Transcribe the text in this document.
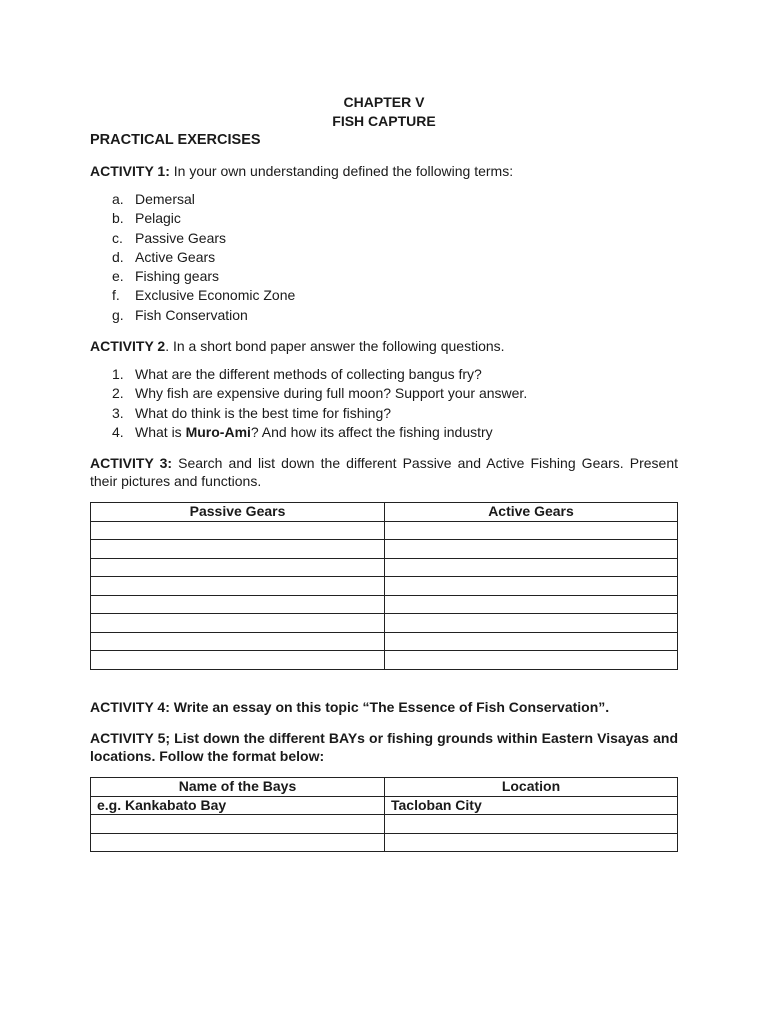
CHAPTER V
FISH CAPTURE
PRACTICAL EXERCISES
ACTIVITY 1: In your own understanding defined the following terms:
a. Demersal
b. Pelagic
c. Passive Gears
d. Active Gears
e. Fishing gears
f. Exclusive Economic Zone
g. Fish Conservation
ACTIVITY 2. In a short bond paper answer the following questions.
1. What are the different methods of collecting bangus fry?
2. Why fish are expensive during full moon? Support your answer.
3. What do think is the best time for fishing?
4. What is Muro-Ami? And how its affect the fishing industry
ACTIVITY 3: Search and list down the different Passive and Active Fishing Gears. Present their pictures and functions.
Passive Gears	Active Gears

ACTIVITY 4: Write an essay on this topic “The Essence of Fish Conservation”.
ACTIVITY 5; List down the different BAYs or fishing grounds within Eastern Visayas and locations. Follow the format below:
Name of the Bays	Location
e.g. Kankabato Bay	Tacloban City
